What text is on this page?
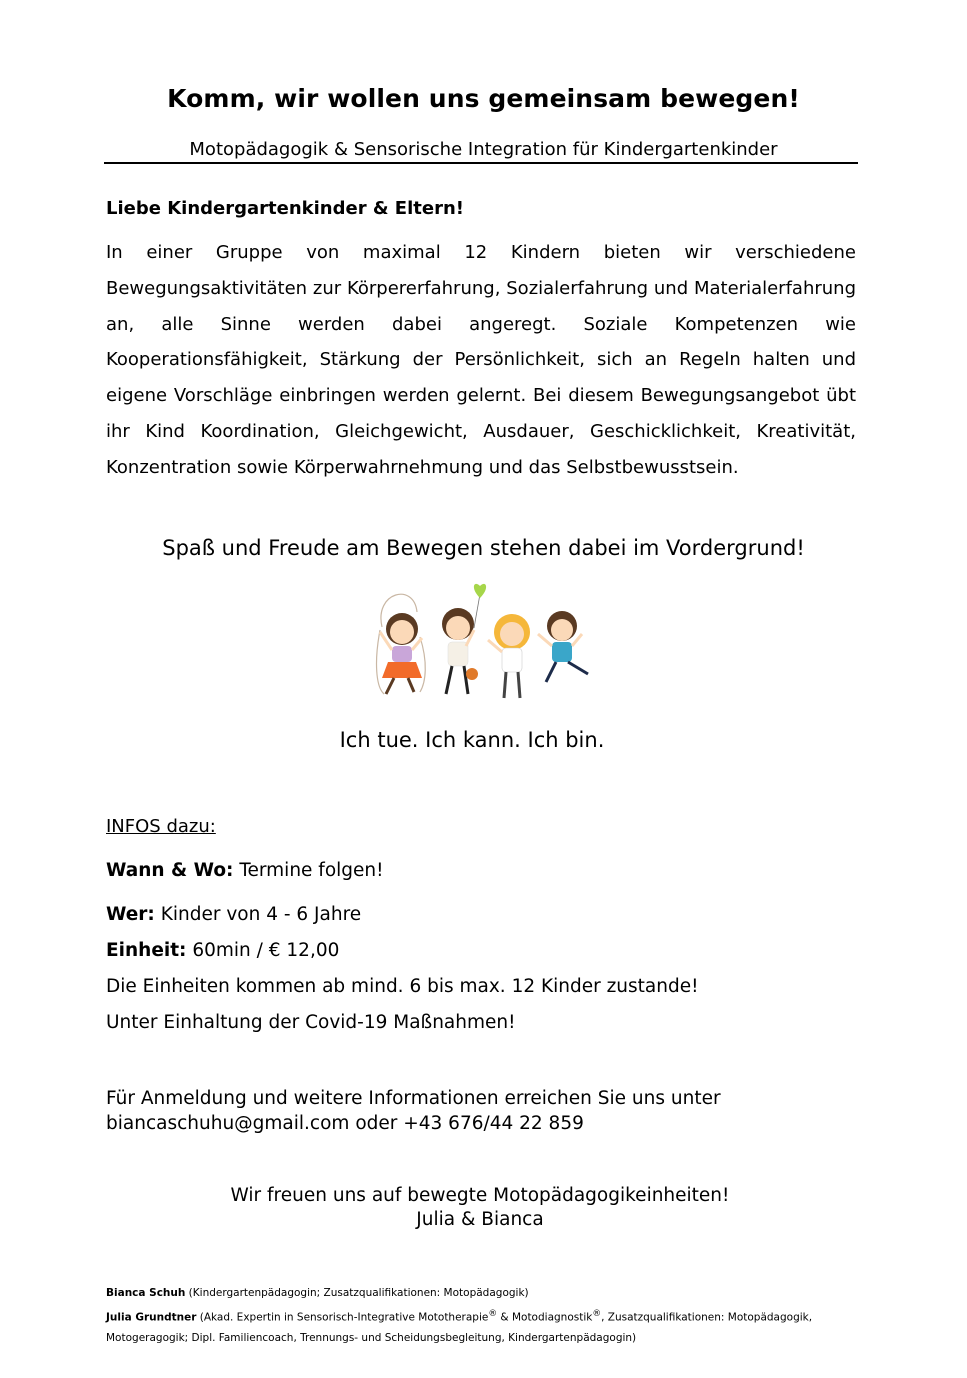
Komm, wir wollen uns gemeinsam bewegen!
Motopädagogik & Sensorische Integration für Kindergartenkinder
Liebe Kindergartenkinder & Eltern!

In einer Gruppe von maximal 12 Kindern bieten wir verschiedene Bewegungsaktivitäten zur Körpererfahrung, Sozialerfahrung und Materialerfahrung an, alle Sinne werden dabei angeregt. Soziale Kompetenzen wie Kooperationsfähigkeit, Stärkung der Persönlichkeit, sich an Regeln halten und eigene Vorschläge einbringen werden gelernt. Bei diesem Bewegungsangebot übt ihr Kind Koordination, Gleichgewicht, Ausdauer, Geschicklichkeit, Kreativität, Konzentration sowie Körperwahrnehmung und das Selbstbewusstsein.

Spaß und Freude am Bewegen stehen dabei im Vordergrund!
Ich tue. Ich kann. Ich bin.
INFOS dazu:
Wann & Wo: Termine folgen!
Wer: Kinder von 4 - 6 Jahre
Einheit: 60min / € 12,00
Die Einheiten kommen ab mind. 6 bis max. 12 Kinder zustande!
Unter Einhaltung der Covid-19 Maßnahmen!
Für Anmeldung und weitere Informationen erreichen Sie uns unter
biancaschuhu@gmail.com oder +43 676/44 22 859
Wir freuen uns auf bewegte Motopädagogikeinheiten!
Julia & Bianca
Bianca Schuh (Kindergartenpädagogin; Zusatzqualifikationen: Motopädagogik)
Julia Grundtner (Akad. Expertin in Sensorisch-Integrative Mototherapie® & Motodiagnostik®, Zusatzqualifikationen: Motopädagogik, Motogeragogik; Dipl. Familiencoach, Trennungs- und Scheidungsbegleitung, Kindergartenpädagogin)
